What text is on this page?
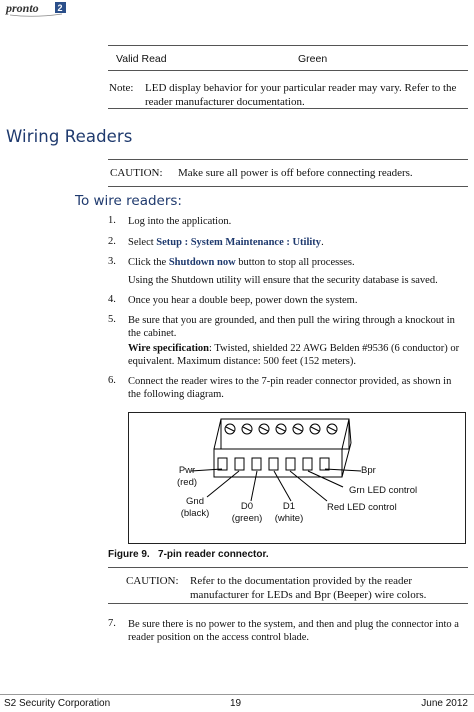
pronto 2
Valid Read	Green
Note: LED display behavior for your particular reader may vary. Refer to the reader manufacturer documentation.
Wiring Readers
CAUTION: Make sure all power is off before connecting readers.
To wire readers:
1. Log into the application.
2. Select Setup : System Maintenance : Utility.
3. Click the Shutdown now button to stop all processes.
Using the Shutdown utility will ensure that the security database is saved.
4. Once you hear a double beep, power down the system.
5. Be sure that you are grounded, and then pull the wiring through a knockout in the cabinet.
Wire specification: Twisted, shielded 22 AWG Belden #9536 (6 conductor) or equivalent. Maximum distance: 500 feet (152 meters).
6. Connect the reader wires to the 7-pin reader connector provided, as shown in the following diagram.
Pwr
(red)
Gnd
(black)
D0
(green)
D1
(white)
Bpr
Grn LED control
Red LED control
Figure 9.   7-pin reader connector.
CAUTION: Refer to the documentation provided by the reader manufacturer for LEDs and Bpr (Beeper) wire colors.
7. Be sure there is no power to the system, and then and plug the connector into a reader position on the access control blade.
S2 Security Corporation	19	June 2012
